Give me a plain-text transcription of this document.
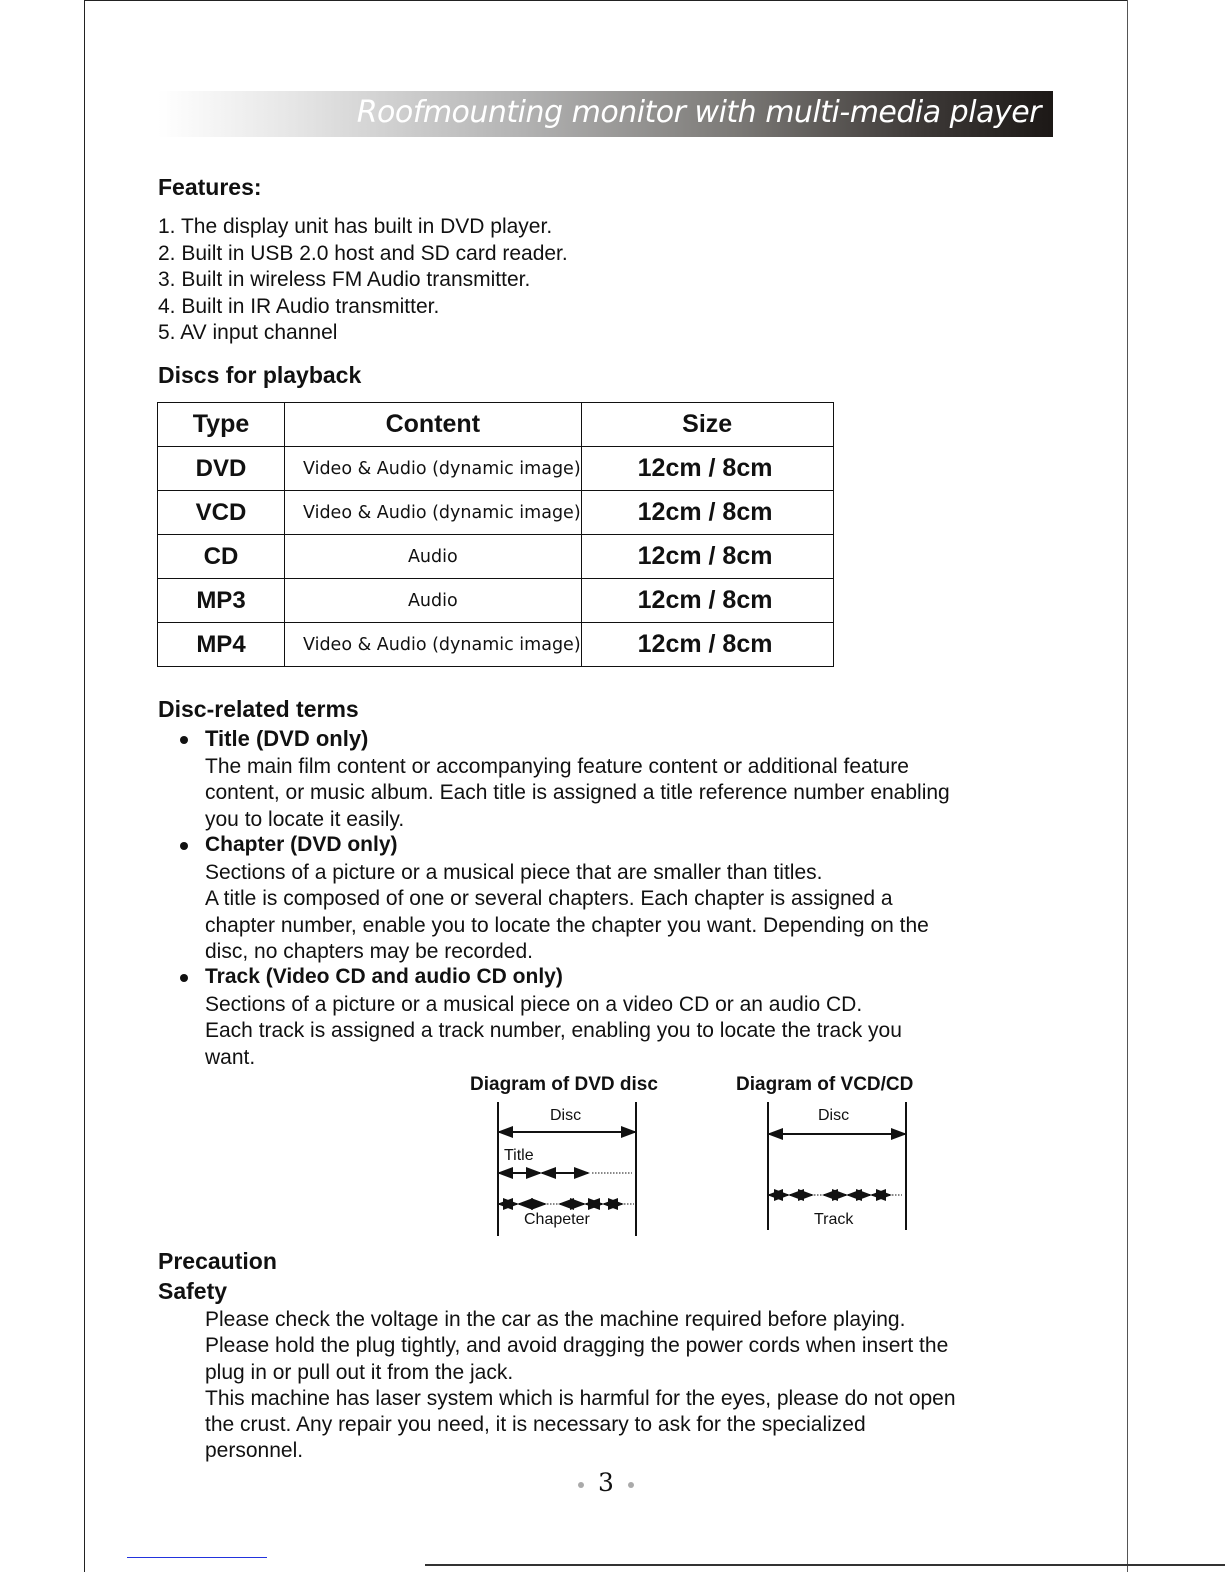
Roofmounting monitor with multi-media player
Features:
1. The display unit has built in DVD player.
2. Built in USB 2.0 host and SD card reader.
3. Built in wireless FM Audio transmitter.
4. Built in IR Audio transmitter.
5. AV input channel
Discs for playback
Type	Content	Size
DVD	Video & Audio (dynamic image)	12cm / 8cm
VCD	Video & Audio (dynamic image)	12cm / 8cm
CD	Audio	12cm / 8cm
MP3	Audio	12cm / 8cm
MP4	Video & Audio (dynamic image)	12cm / 8cm
Disc-related terms
Title (DVD only)
The main film content or accompanying feature content or additional feature
content, or music album. Each title is assigned a title reference number enabling
you to locate it easily.
Chapter (DVD only)
Sections of a picture or a musical piece that are smaller than titles.
A title is composed of one or several chapters. Each chapter is assigned a
chapter number, enable you to locate the chapter you want. Depending on the
disc, no chapters may be recorded.
Track (Video CD and audio CD only)
Sections of a picture or a musical piece on a video CD or an audio CD.
Each track is assigned a track number, enabling you to locate the track you
want.
Diagram of DVD disc
Disc
Title
Chapeter
Diagram of VCD/CD
Disc
Track
Precaution
Safety
Please check the voltage in the car as the machine required before playing.
Please hold the plug tightly, and avoid dragging the power cords when insert the
plug in or pull out it from the jack.
This machine has laser system which is harmful for the eyes, please do not open
the crust. Any repair you need, it is necessary to ask for the specialized
personnel.
3
